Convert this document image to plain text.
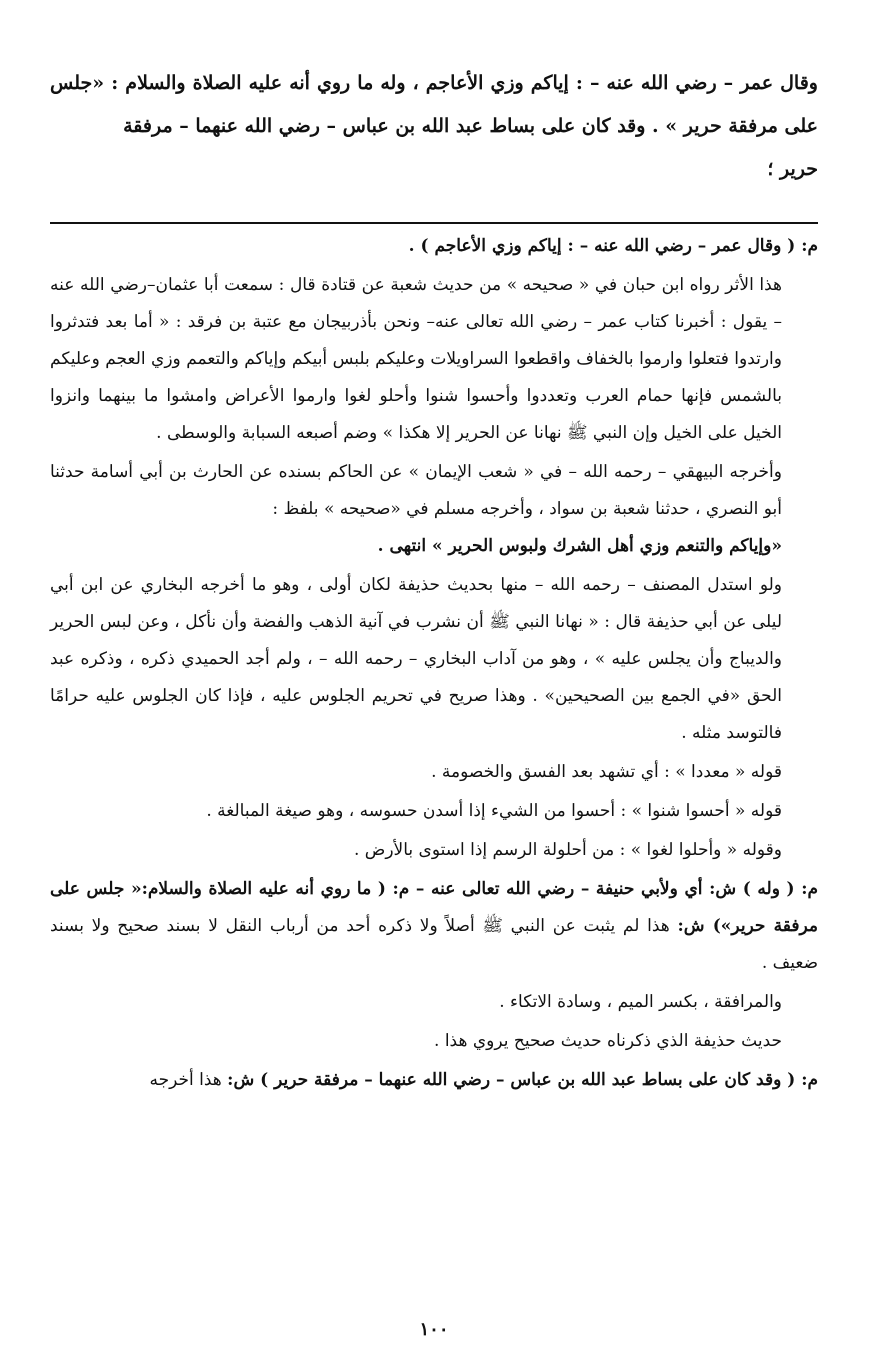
وقال عمر – رضي الله عنه – : إياكم وزي الأعاجم ، وله ما روي أنه عليه الصلاة والسلام : «جلس على مرفقة حرير » . وقد كان على بساط عبد الله بن عباس – رضي الله عنهما – مرفقة
حرير ؛

م: ( وقال عمر – رضي الله عنه – : إياكم وزي الأعاجم ) .

هذا الأثر رواه ابن حبان في « صحيحه » من حديث شعبة عن قتادة قال : سمعت أبا عثمان–رضي الله عنه – يقول : أخبرنا كتاب عمر – رضي الله تعالى عنه– ونحن بأذربيجان مع عتبة بن فرقد : « أما بعد فتدثروا وارتدوا فتعلوا وارموا بالخفاف واقطعوا السراويلات وعليكم بلبس أبيكم وإياكم والتعمم وزي العجم وعليكم بالشمس فإنها حمام العرب وتعددوا وأحسوا شنوا وأحلو لغوا وارموا الأعراض وامشوا ما بينهما وانزوا الخيل على الخيل وإن النبي ﷺ نهانا عن الحرير إلا هكذا » وضم أصبعه السبابة والوسطى .

وأخرجه البيهقي – رحمه الله – في « شعب الإيمان » عن الحاكم بسنده عن الحارث بن أبي أسامة حدثنا أبو النصري ، حدثنا شعبة بن سواد ، وأخرجه مسلم في «صحيحه » بلفظ :
«وإياكم والتنعم وزي أهل الشرك ولبوس الحرير » انتهى .

ولو استدل المصنف – رحمه الله – منها بحديث حذيفة لكان أولى ، وهو ما أخرجه البخاري عن ابن أبي ليلى عن أبي حذيفة قال : « نهانا النبي ﷺ أن نشرب في آنية الذهب والفضة وأن نأكل ، وعن لبس الحرير والديباج وأن يجلس عليه » ، وهو من آداب البخاري – رحمه الله – ، ولم أجد الحميدي ذكره ، وذكره عبد الحق «في الجمع بين الصحيحين» . وهذا صريح في تحريم الجلوس عليه ، فإذا كان الجلوس عليه حرامًا فالتوسد مثله .

قوله « معددا » : أي تشهد بعد الفسق والخصومة .

قوله « أحسوا شنوا » : أحسوا من الشيء إذا أسدن حسوسه ، وهو صيغة المبالغة .

وقوله « وأحلوا لغوا » : من أحلولة الرسم إذا استوى بالأرض .

م: ( وله ) ش: أي ولأبي حنيفة – رضي الله تعالى عنه – م: ( ما روي أنه عليه الصلاة والسلام:« جلس على مرفقة حرير») ش: هذا لم يثبت عن النبي ﷺ أصلاً ولا ذكره أحد من أرباب النقل لا بسند صحيح ولا بسند ضعيف .

والمرافقة ، بكسر الميم ، وسادة الاتكاء .

حديث حذيفة الذي ذكرناه حديث صحيح يروي هذا .

م: ( وقد كان على بساط عبد الله بن عباس – رضي الله عنهما – مرفقة حرير ) ش: هذا أخرجه

١٠٠
